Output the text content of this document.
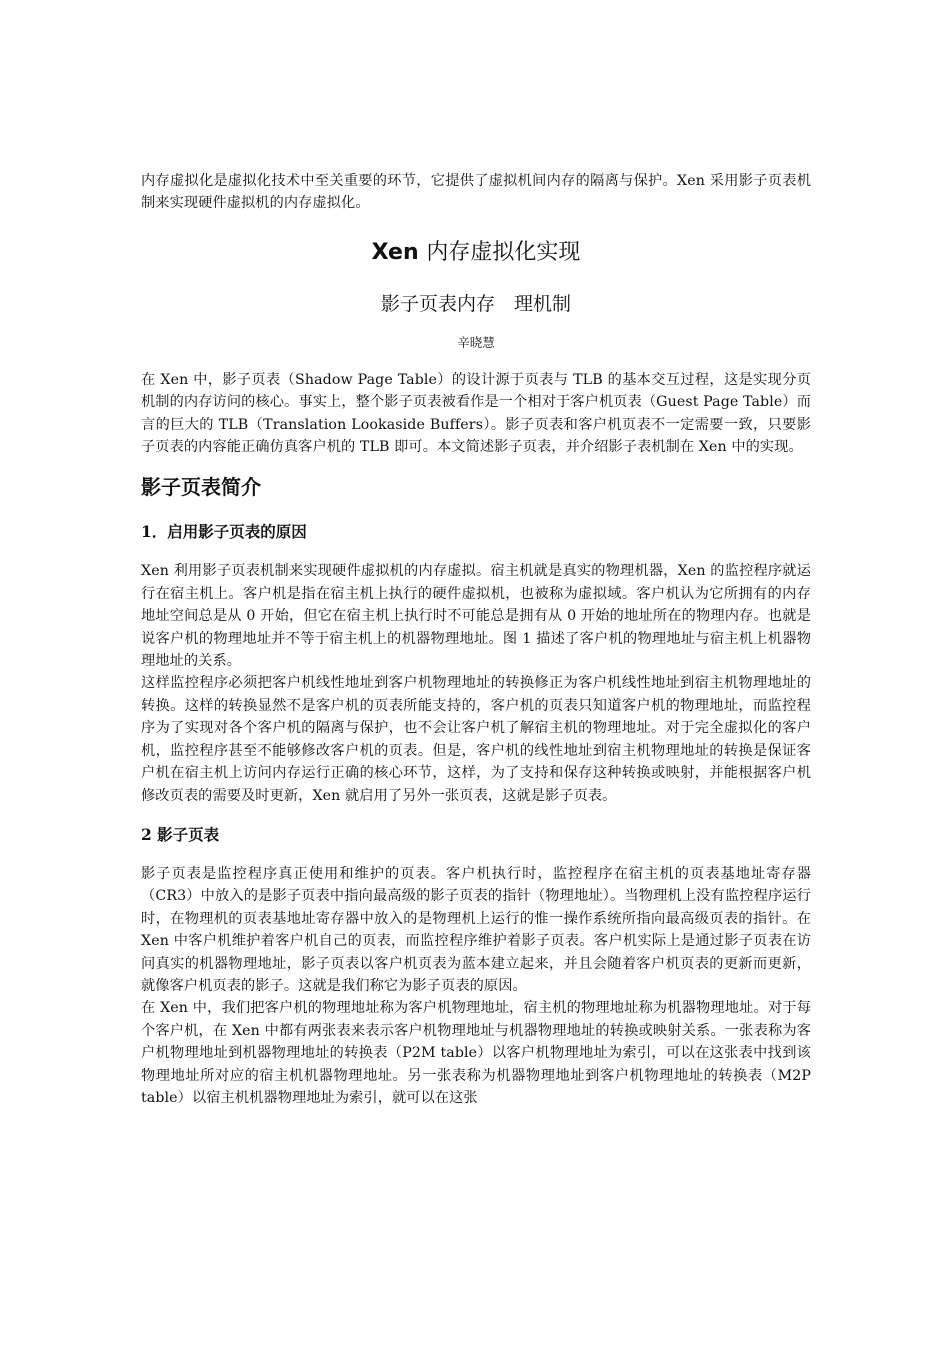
内存虚拟化是虚拟化技术中至关重要的环节，它提供了虚拟机间内存的隔离与保护。Xen 采用影子页表机制来实现硬件虚拟机的内存虚拟化。

Xen 内存虚拟化实现
影子页表内存　理机制
辛晓慧

在 Xen 中，影子页表（Shadow Page Table）的设计源于页表与 TLB 的基本交互过程，这是实现分页机制的内存访问的核心。事实上，整个影子页表被看作是一个相对于客户机页表（Guest Page Table）而言的巨大的 TLB（Translation Lookaside Buffers）。影子页表和客户机页表不一定需要一致，只要影子页表的内容能正确仿真客户机的 TLB 即可。本文简述影子页表，并介绍影子表机制在 Xen 中的实现。

影子页表简介
1．启用影子页表的原因

Xen 利用影子页表机制来实现硬件虚拟机的内存虚拟。宿主机就是真实的物理机器，Xen 的监控程序就运行在宿主机上。客户机是指在宿主机上执行的硬件虚拟机，也被称为虚拟域。客户机认为它所拥有的内存地址空间总是从 0 开始，但它在宿主机上执行时不可能总是拥有从 0 开始的地址所在的物理内存。也就是说客户机的物理地址并不等于宿主机上的机器物理地址。图 1 描述了客户机的物理地址与宿主机上机器物理地址的关系。

这样监控程序必须把客户机线性地址到客户机物理地址的转换修正为客户机线性地址到宿主机物理地址的转换。这样的转换显然不是客户机的页表所能支持的，客户机的页表只知道客户机的物理地址，而监控程序为了实现对各个客户机的隔离与保护，也不会让客户机了解宿主机的物理地址。对于完全虚拟化的客户机，监控程序甚至不能够修改客户机的页表。但是，客户机的线性地址到宿主机物理地址的转换是保证客户机在宿主机上访问内存运行正确的核心环节，这样，为了支持和保存这种转换或映射，并能根据客户机修改页表的需要及时更新，Xen 就启用了另外一张页表，这就是影子页表。

2 影子页表

影子页表是监控程序真正使用和维护的页表。客户机执行时，监控程序在宿主机的页表基地址寄存器（CR3）中放入的是影子页表中指向最高级的影子页表的指针（物理地址）。当物理机上没有监控程序运行时，在物理机的页表基地址寄存器中放入的是物理机上运行的惟一操作系统所指向最高级页表的指针。在 Xen 中客户机维护着客户机自己的页表，而监控程序维护着影子页表。客户机实际上是通过影子页表在访问真实的机器物理地址，影子页表以客户机页表为蓝本建立起来，并且会随着客户机页表的更新而更新，就像客户机页表的影子。这就是我们称它为影子页表的原因。

在 Xen 中，我们把客户机的物理地址称为客户机物理地址，宿主机的物理地址称为机器物理地址。对于每个客户机，在 Xen 中都有两张表来表示客户机物理地址与机器物理地址的转换或映射关系。一张表称为客户机物理地址到机器物理地址的转换表（P2M table）以客户机物理地址为索引，可以在这张表中找到该物理地址所对应的宿主机机器物理地址。另一张表称为机器物理地址到客户机物理地址的转换表（M2P table）以宿主机机器物理地址为索引，就可以在这张
